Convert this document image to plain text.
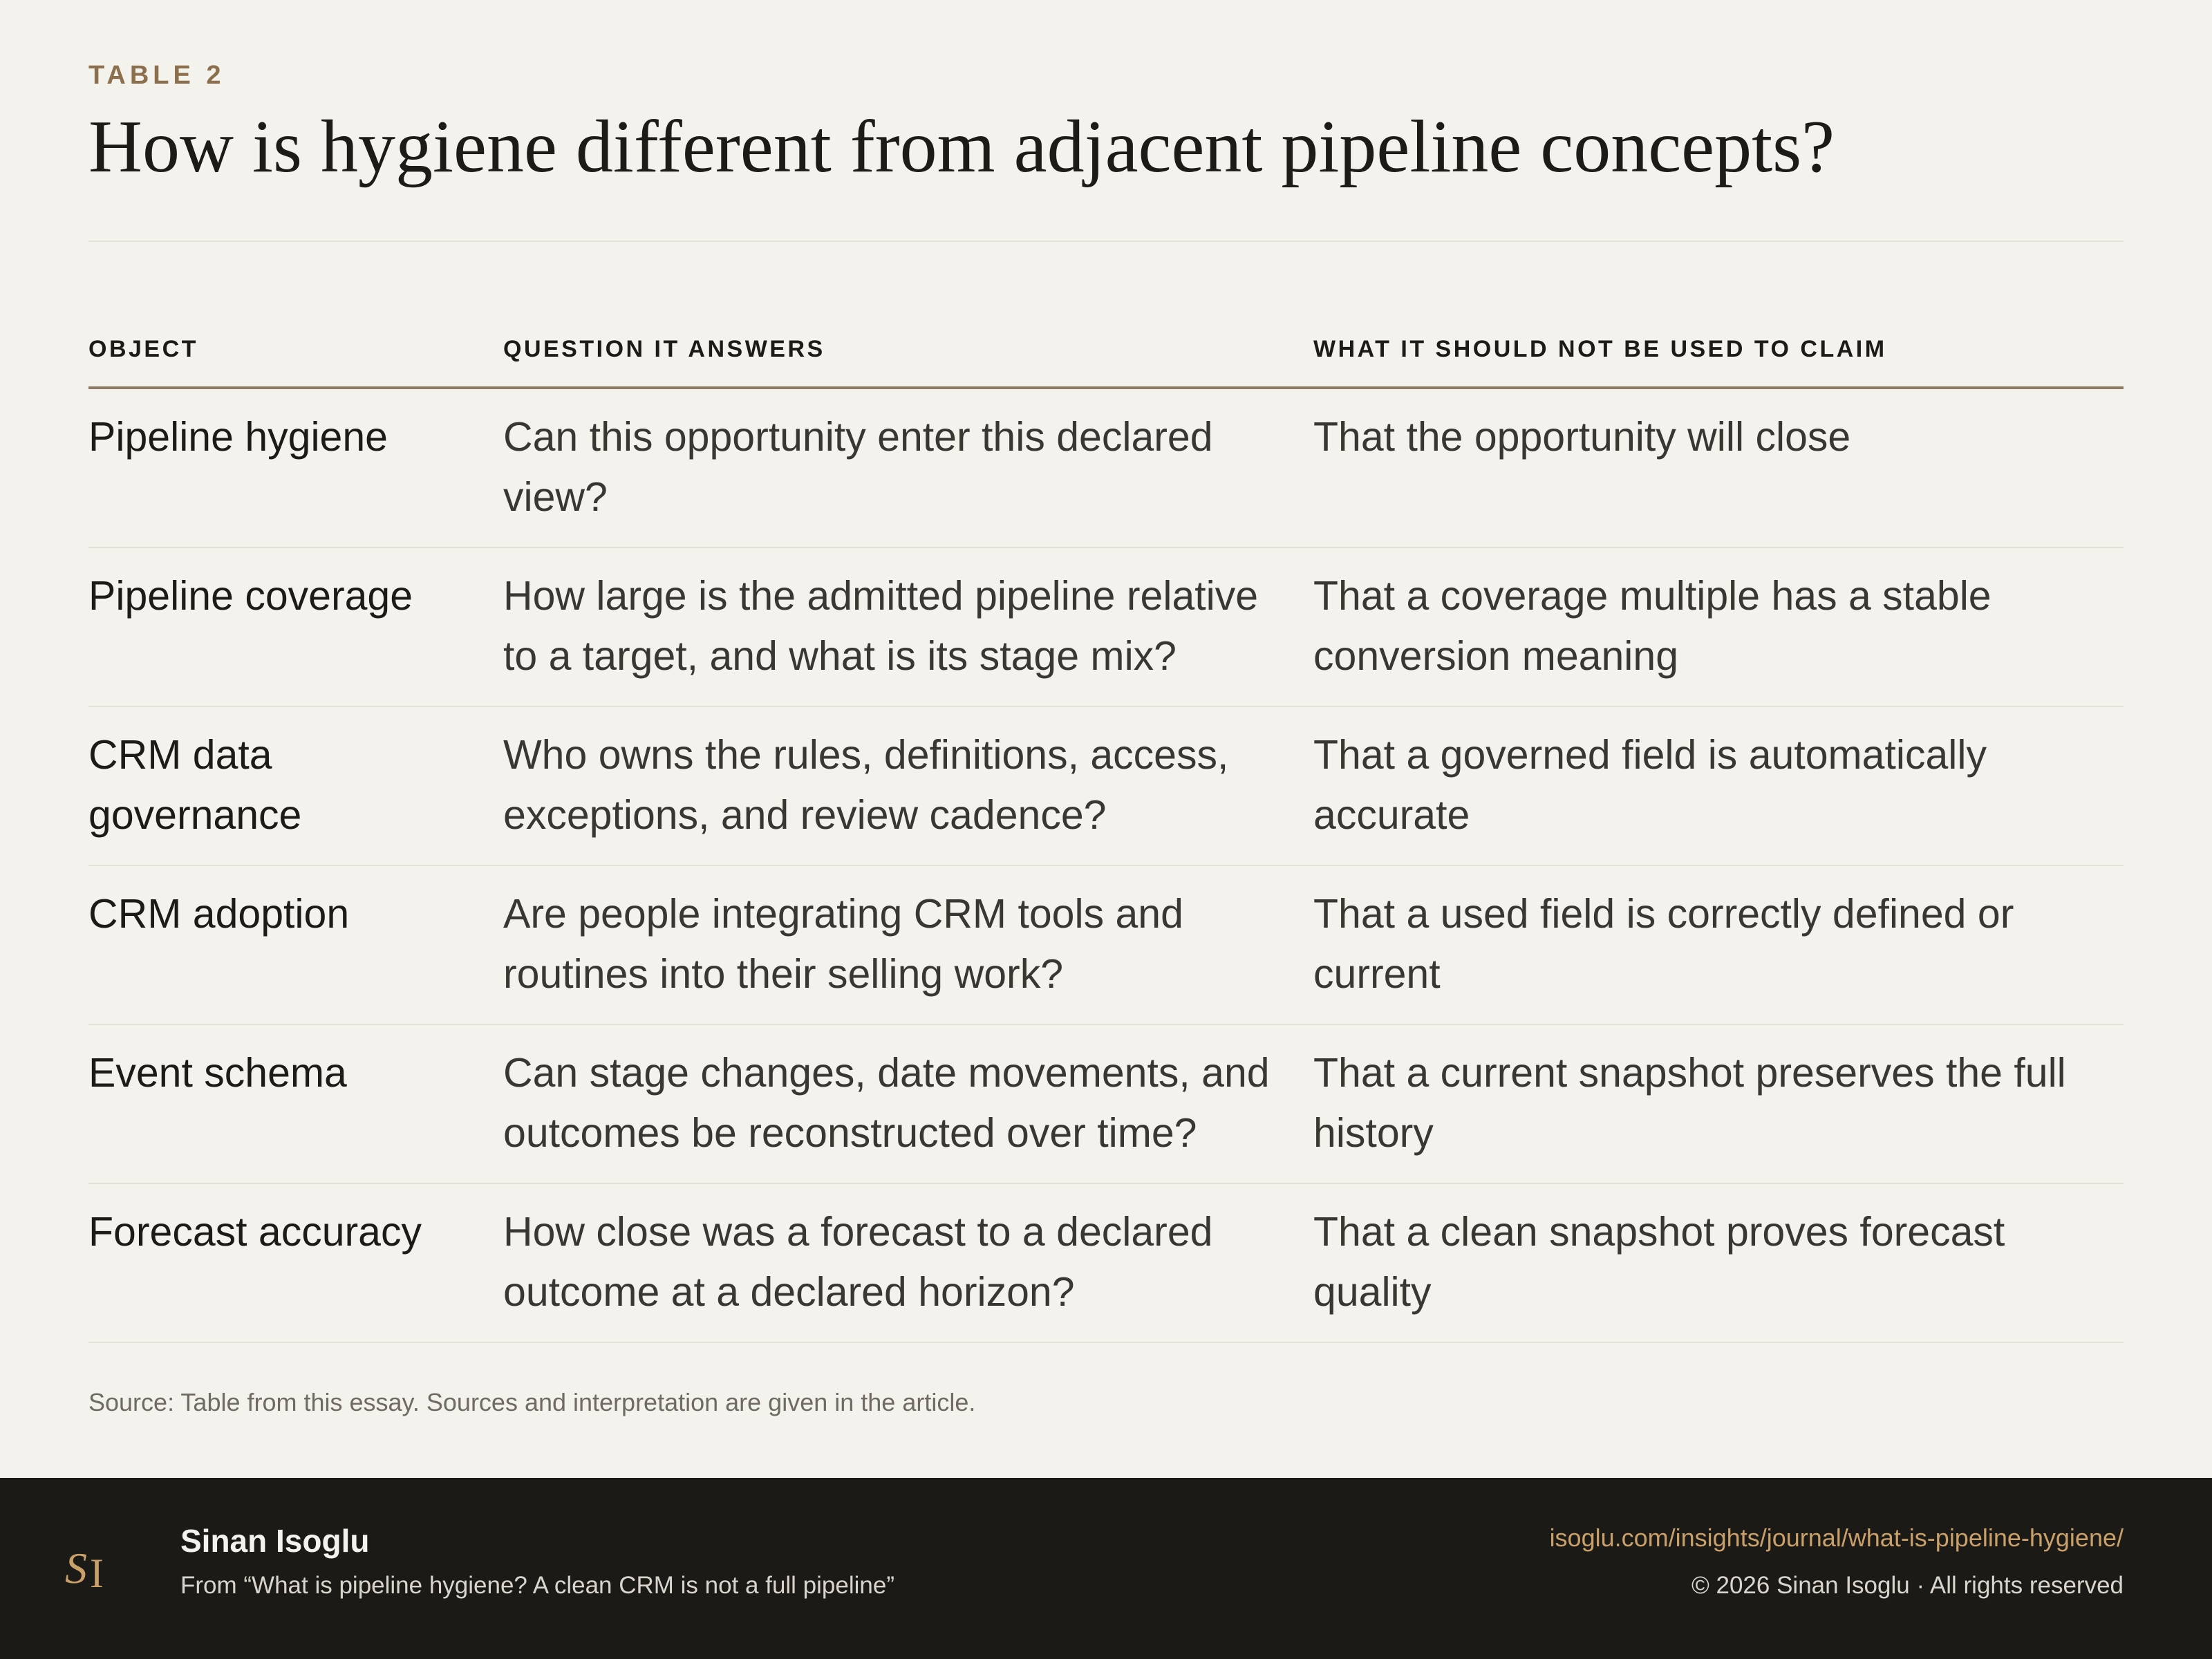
TABLE 2
How is hygiene different from adjacent pipeline concepts?
OBJECT	QUESTION IT ANSWERS	WHAT IT SHOULD NOT BE USED TO CLAIM
Pipeline hygiene	Can this opportunity enter this declared view?	That the opportunity will close
Pipeline coverage	How large is the admitted pipeline relative to a target, and what is its stage mix?	That a coverage multiple has a stable conversion meaning
CRM data governance	Who owns the rules, definitions, access, exceptions, and review cadence?	That a governed field is automatically accurate
CRM adoption	Are people integrating CRM tools and routines into their selling work?	That a used field is correctly defined or current
Event schema	Can stage changes, date movements, and outcomes be reconstructed over time?	That a current snapshot preserves the full history
Forecast accuracy	How close was a forecast to a declared outcome at a declared horizon?	That a clean snapshot proves forecast quality
Source: Table from this essay. Sources and interpretation are given in the article.
S I
Sinan Isoglu
From “What is pipeline hygiene? A clean CRM is not a full pipeline”
isoglu.com/insights/journal/what-is-pipeline-hygiene/
© 2026 Sinan Isoglu · All rights reserved
